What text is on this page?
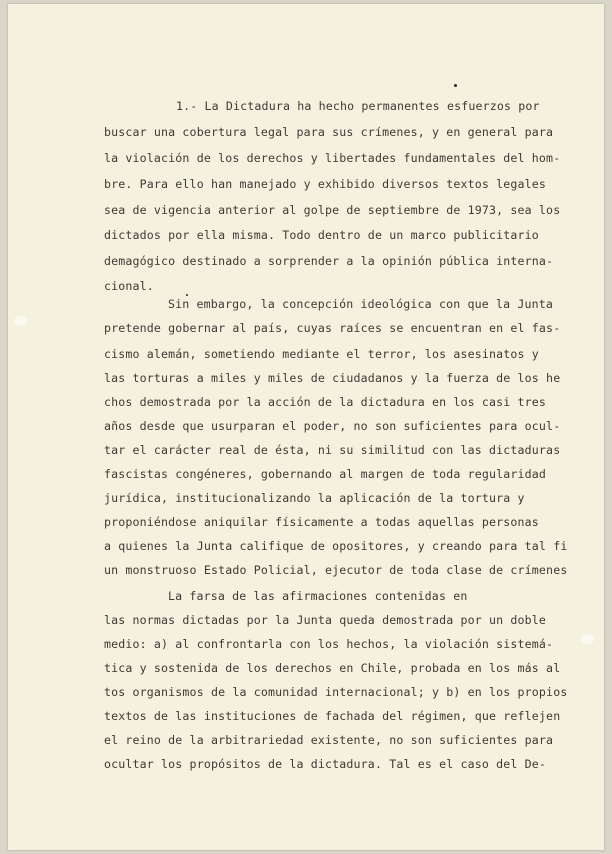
1.- La Dictadura ha hecho permanentes esfuerzos por
buscar una cobertura legal para sus crímenes, y en general para
la violación de los derechos y libertades fundamentales del hom-
bre. Para ello han manejado y exhibido diversos textos legales
sea de vigencia anterior al golpe de septiembre de 1973, sea los
dictados por ella misma. Todo dentro de un marco publicitario
demagógico destinado a sorprender a la opinión pública interna-
cional.
Sin embargo, la concepción ideológica con que la Junta
pretende gobernar al país, cuyas raíces se encuentran en el fas-
cismo alemán, sometiendo mediante el terror, los asesinatos y
las torturas a miles y miles de ciudadanos y la fuerza de los he
chos demostrada por la acción de la dictadura en los casi tres
años desde que usurparan el poder, no son suficientes para ocul-
tar el carácter real de ésta, ni su similitud con las dictaduras
fascistas congéneres, gobernando al margen de toda regularidad
jurídica, institucionalizando la aplicación de la tortura y
proponiéndose aniquilar físicamente a todas aquellas personas
a quienes la Junta califique de opositores, y creando para tal fi
un monstruoso Estado Policial, ejecutor de toda clase de crímenes
La farsa de las afirmaciones contenidas en
las normas dictadas por la Junta queda demostrada por un doble
medio: a) al confrontarla con los hechos, la violación sistemá-
tica y sostenida de los derechos en Chile, probada en los más al
tos organismos de la comunidad internacional; y b) en los propios
textos de las instituciones de fachada del régimen, que reflejen
el reino de la arbitrariedad existente, no son suficientes para
ocultar los propósitos de la dictadura. Tal es el caso del De-
